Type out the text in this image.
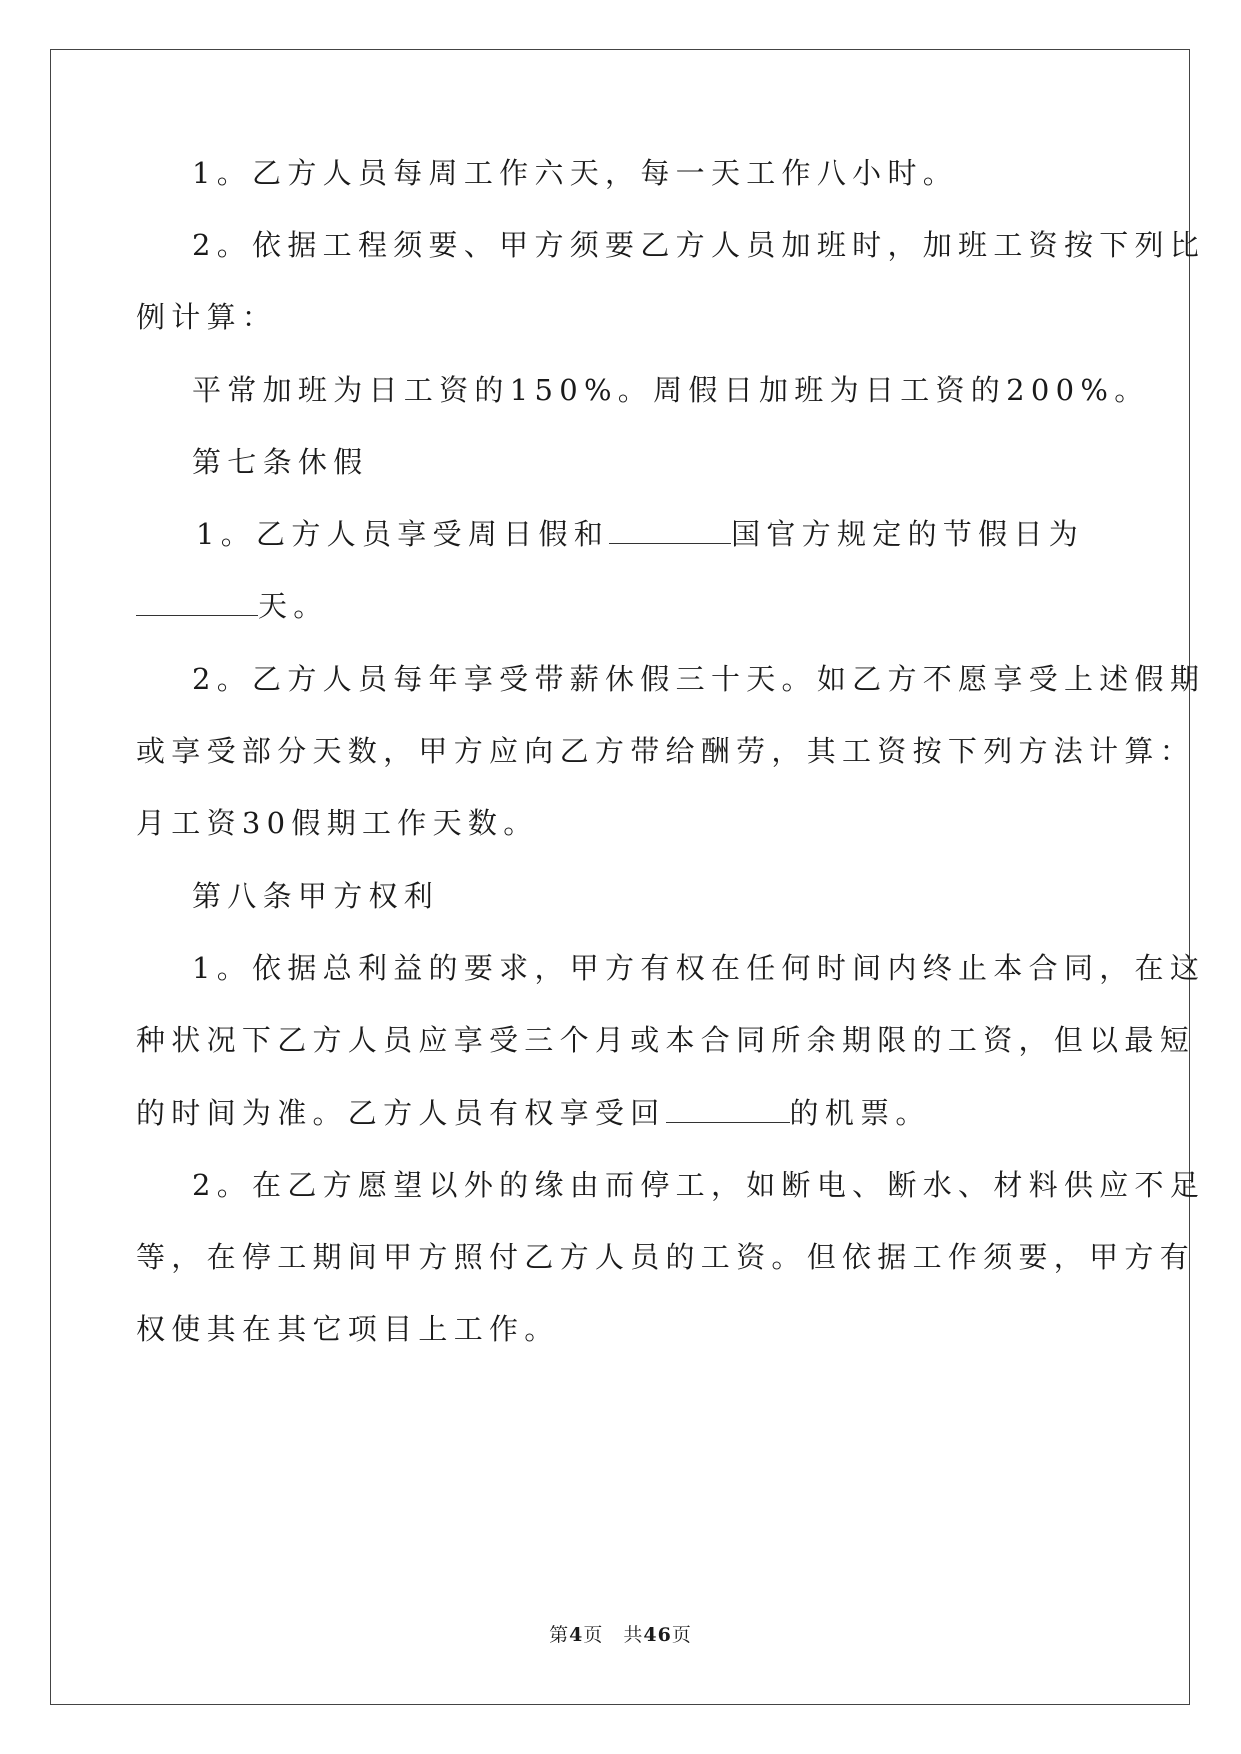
1。乙方人员每周工作六天，每一天工作八小时。
2。依据工程须要、甲方须要乙方人员加班时，加班工资按下列比
例计算：
平常加班为日工资的150%。周假日加班为日工资的200%。
第七条休假
1。乙方人员享受周日假和	国官方规定的节假日为
天。
2。乙方人员每年享受带薪休假三十天。如乙方不愿享受上述假期
或享受部分天数，甲方应向乙方带给酬劳，其工资按下列方法计算：
月工资30假期工作天数。
第八条甲方权利
1。依据总利益的要求，甲方有权在任何时间内终止本合同，在这
种状况下乙方人员应享受三个月或本合同所余期限的工资，但以最短
的时间为准。乙方人员有权享受回	的机票。
2。在乙方愿望以外的缘由而停工，如断电、断水、材料供应不足
等，在停工期间甲方照付乙方人员的工资。但依据工作须要，甲方有
权使其在其它项目上工作。
第4页　共46页
